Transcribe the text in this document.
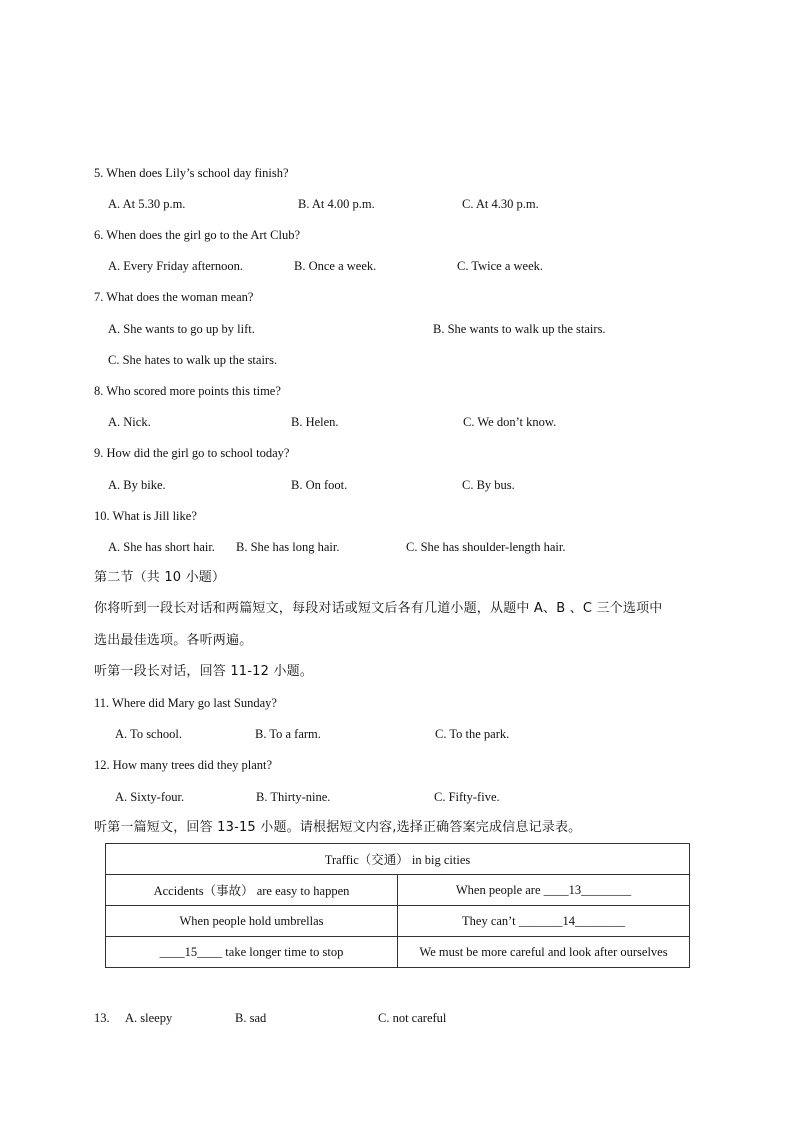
5. When does Lily’s school day finish?
A. At 5.30 p.m.	B. At 4.00 p.m.	C. At 4.30 p.m.
6. When does the girl go to the Art Club?
A. Every Friday afternoon.	B. Once a week.	C. Twice a week.
7. What does the woman mean?
A. She wants to go up by lift.	B. She wants to walk up the stairs.
C. She hates to walk up the stairs.
8. Who scored more points this time?
A. Nick.	B. Helen.	C. We don’t know.
9. How did the girl go to school today?
A. By bike.	B. On foot.	C. By bus.
10. What is Jill like?
A. She has short hair. B. She has long hair.	C. She has shoulder-length hair.
第二节（共 10 小题）
你将听到一段长对话和两篇短文，每段对话或短文后各有几道小题，从题中 A、B 、C 三个选项中
选出最佳选项。各听两遍。
听第一段长对话，回答 11-12 小题。
11. Where did Mary go last Sunday?
A. To school.	B. To a farm.	C. To the park.
12. How many trees did they plant?
A. Sixty-four.	B. Thirty-nine.	C. Fifty-five.
听第一篇短文，回答 13-15 小题。请根据短文内容,选择正确答案完成信息记录表。
Traffic（交通） in big cities	
Accidents（事故） are easy to happen	When people are ____13________
When people hold umbrellas	They can’t _______14________
____15____ take longer time to stop	We must be more careful and look after ourselves
13. A. sleepy	B. sad	C. not careful
